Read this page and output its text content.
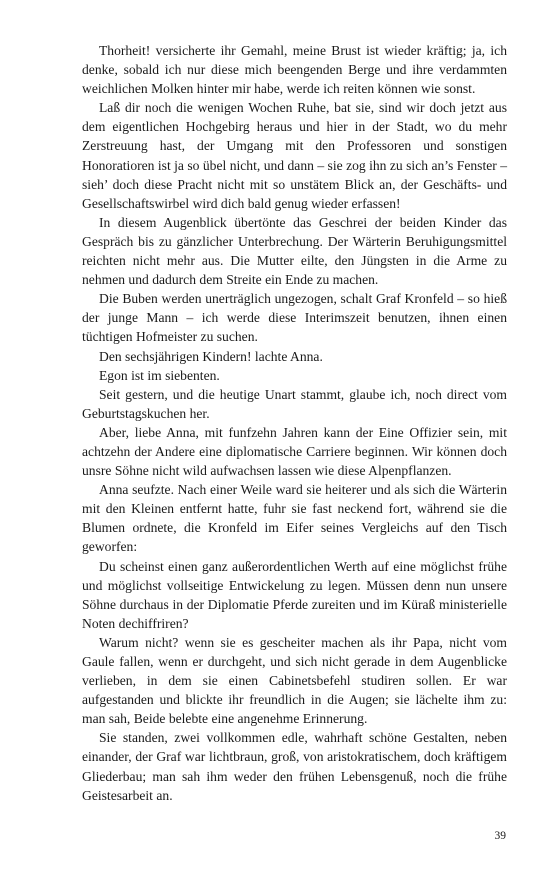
Thorheit! versicherte ihr Gemahl, meine Brust ist wieder kräftig; ja, ich denke, sobald ich nur diese mich beengenden Berge und ihre verdammten weichlichen Molken hinter mir habe, werde ich reiten können wie sonst.

Laß dir noch die wenigen Wochen Ruhe, bat sie, sind wir doch jetzt aus dem eigentlichen Hochgebirg heraus und hier in der Stadt, wo du mehr Zerstreuung hast, der Umgang mit den Professoren und sonstigen Honoratioren ist ja so übel nicht, und dann – sie zog ihn zu sich an’s Fenster – sieh’ doch diese Pracht nicht mit so unstätem Blick an, der Geschäfts- und Gesellschaftswirbel wird dich bald genug wieder erfassen!

In diesem Augenblick übertönte das Geschrei der beiden Kinder das Gespräch bis zu gänzlicher Unterbrechung. Der Wärterin Beruhigungsmittel reichten nicht mehr aus. Die Mutter eilte, den Jüngsten in die Arme zu nehmen und dadurch dem Streite ein Ende zu machen.

Die Buben werden unerträglich ungezogen, schalt Graf Kronfeld – so hieß der junge Mann – ich werde diese Interimszeit benutzen, ihnen einen tüchtigen Hofmeister zu suchen.

Den sechsjährigen Kindern! lachte Anna.

Egon ist im siebenten.

Seit gestern, und die heutige Unart stammt, glaube ich, noch direct vom Geburtstagskuchen her.

Aber, liebe Anna, mit funfzehn Jahren kann der Eine Offizier sein, mit achtzehn der Andere eine diplomatische Carriere beginnen. Wir können doch unsre Söhne nicht wild aufwachsen lassen wie diese Alpenpflanzen.

Anna seufzte. Nach einer Weile ward sie heiterer und als sich die Wärterin mit den Kleinen entfernt hatte, fuhr sie fast neckend fort, während sie die Blumen ordnete, die Kronfeld im Eifer seines Vergleichs auf den Tisch geworfen:

Du scheinst einen ganz außerordentlichen Werth auf eine möglichst frühe und möglichst vollseitige Entwickelung zu legen. Müssen denn nun unsere Söhne durchaus in der Diplomatie Pferde zureiten und im Küraß ministerielle Noten dechiffriren?

Warum nicht? wenn sie es gescheiter machen als ihr Papa, nicht vom Gaule fallen, wenn er durchgeht, und sich nicht gerade in dem Augenblicke verlieben, in dem sie einen Cabinetsbefehl studiren sollen. Er war aufgestanden und blickte ihr freundlich in die Augen; sie lächelte ihm zu: man sah, Beide belebte eine angenehme Erinnerung.

Sie standen, zwei vollkommen edle, wahrhaft schöne Gestalten, neben einander, der Graf war lichtbraun, groß, von aristokratischem, doch kräftigem Gliederbau; man sah ihm weder den frühen Lebensgenuß, noch die frühe Geistesarbeit an.

39
